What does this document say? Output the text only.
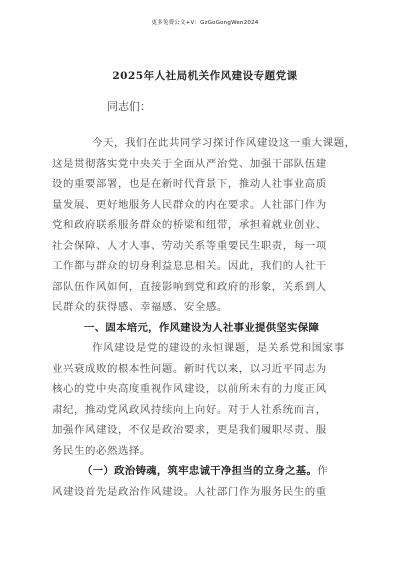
更多免费公文+V：GzGoGongWen2024
2025年人社局机关作风建设专题党课
同志们：
今天，我们在此共同学习探讨作风建设这一重大课题，
这是贯彻落实党中央关于全面从严治党、加强干部队伍建
设的重要部署，也是在新时代背景下，推动人社事业高质
量发展、更好地服务人民群众的内在要求。人社部门作为
党和政府联系服务群众的桥梁和纽带，承担着就业创业、
社会保障、人才人事、劳动关系等重要民生职责，每一项
工作都与群众的切身利益息息相关。因此，我们的人社干
部队伍作风如何，直接影响到党和政府的形象，关系到人
民群众的获得感、幸福感、安全感。
一、固本培元，作风建设为人社事业提供坚实保障
作风建设是党的建设的永恒课题，是关系党和国家事
业兴衰成败的根本性问题。新时代以来，以习近平同志为
核心的党中央高度重视作风建设，以前所未有的力度正风
肃纪，推动党风政风持续向上向好。对于人社系统而言，
加强作风建设，不仅是政治要求，更是我们履职尽责、服
务民生的必然选择。
（一）政治铸魂，筑牢忠诚干净担当的立身之基。作
风建设首先是政治作风建设。人社部门作为服务民生的重
